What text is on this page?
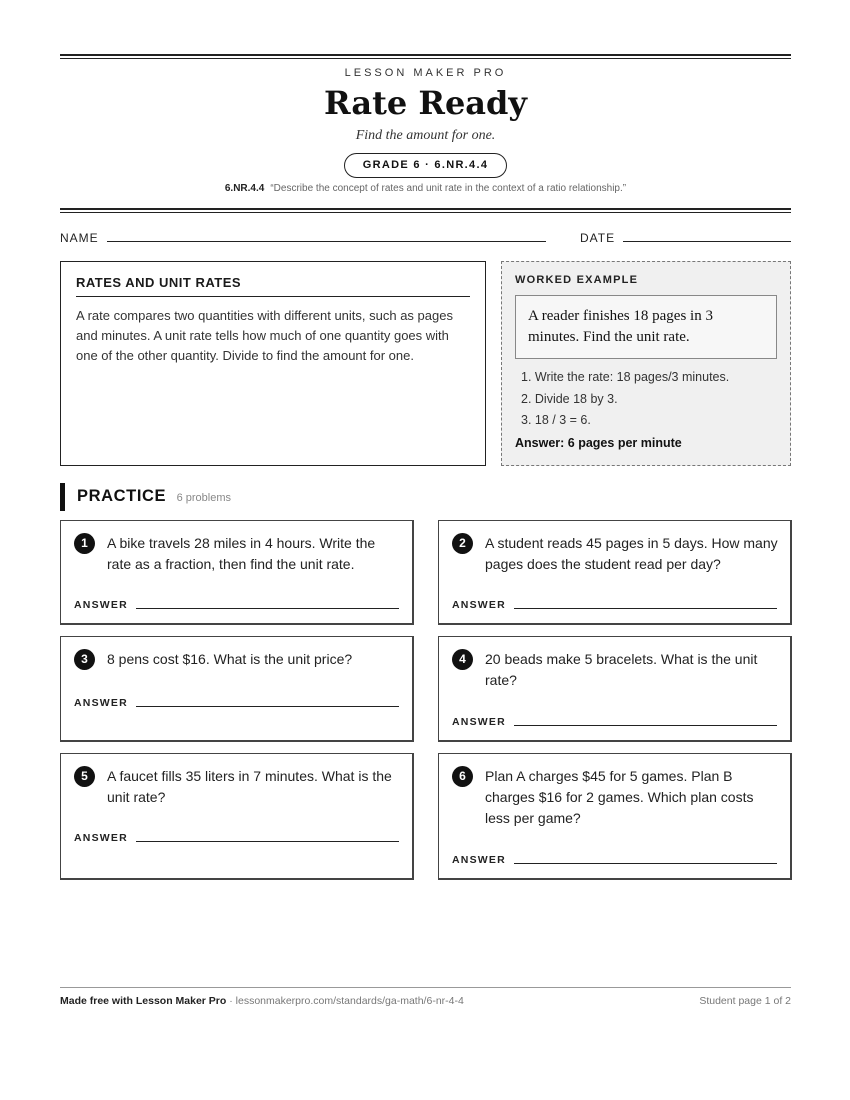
LESSON MAKER PRO
Rate Ready
Find the amount for one.
GRADE 6 · 6.NR.4.4
6.NR.4.4 “Describe the concept of rates and unit rate in the context of a ratio relationship.”
NAME	DATE
RATES AND UNIT RATES
A rate compares two quantities with different units, such as pages and minutes. A unit rate tells how much of one quantity goes with one of the other quantity. Divide to find the amount for one.
WORKED EXAMPLE
A reader finishes 18 pages in 3 minutes. Find the unit rate.
1. Write the rate: 18 pages/3 minutes.
2. Divide 18 by 3.
3. 18 / 3 = 6.
Answer: 6 pages per minute
PRACTICE 6 problems
1	A bike travels 28 miles in 4 hours. Write the rate as a fraction, then find the unit rate.
ANSWER
2	A student reads 45 pages in 5 days. How many pages does the student read per day?
ANSWER
3	8 pens cost $16. What is the unit price?
ANSWER
4	20 beads make 5 bracelets. What is the unit rate?
ANSWER
5	A faucet fills 35 liters in 7 minutes. What is the unit rate?
ANSWER
6	Plan A charges $45 for 5 games. Plan B charges $16 for 2 games. Which plan costs less per game?
ANSWER
Made free with Lesson Maker Pro · lessonmakerpro.com/standards/ga-math/6-nr-4-4	Student page 1 of 2
